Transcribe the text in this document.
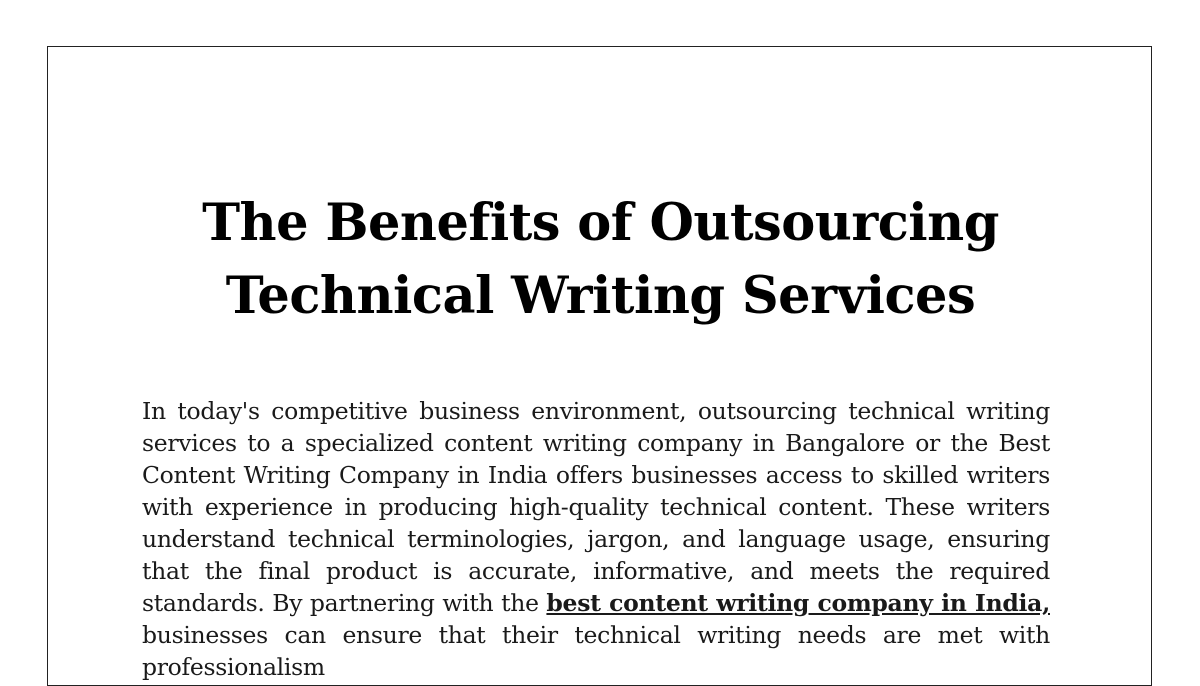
The Benefits of Outsourcing
Technical Writing Services

In today's competitive business environment, outsourcing technical writing services to a specialized content writing company in Bangalore or the Best Content Writing Company in India offers businesses access to skilled writers with experience in producing high-quality technical content. These writers understand technical terminologies, jargon, and language usage, ensuring that the final product is accurate, informative, and meets the required standards. By partnering with the best content writing company in India, businesses can ensure that their technical writing needs are met with professionalism
